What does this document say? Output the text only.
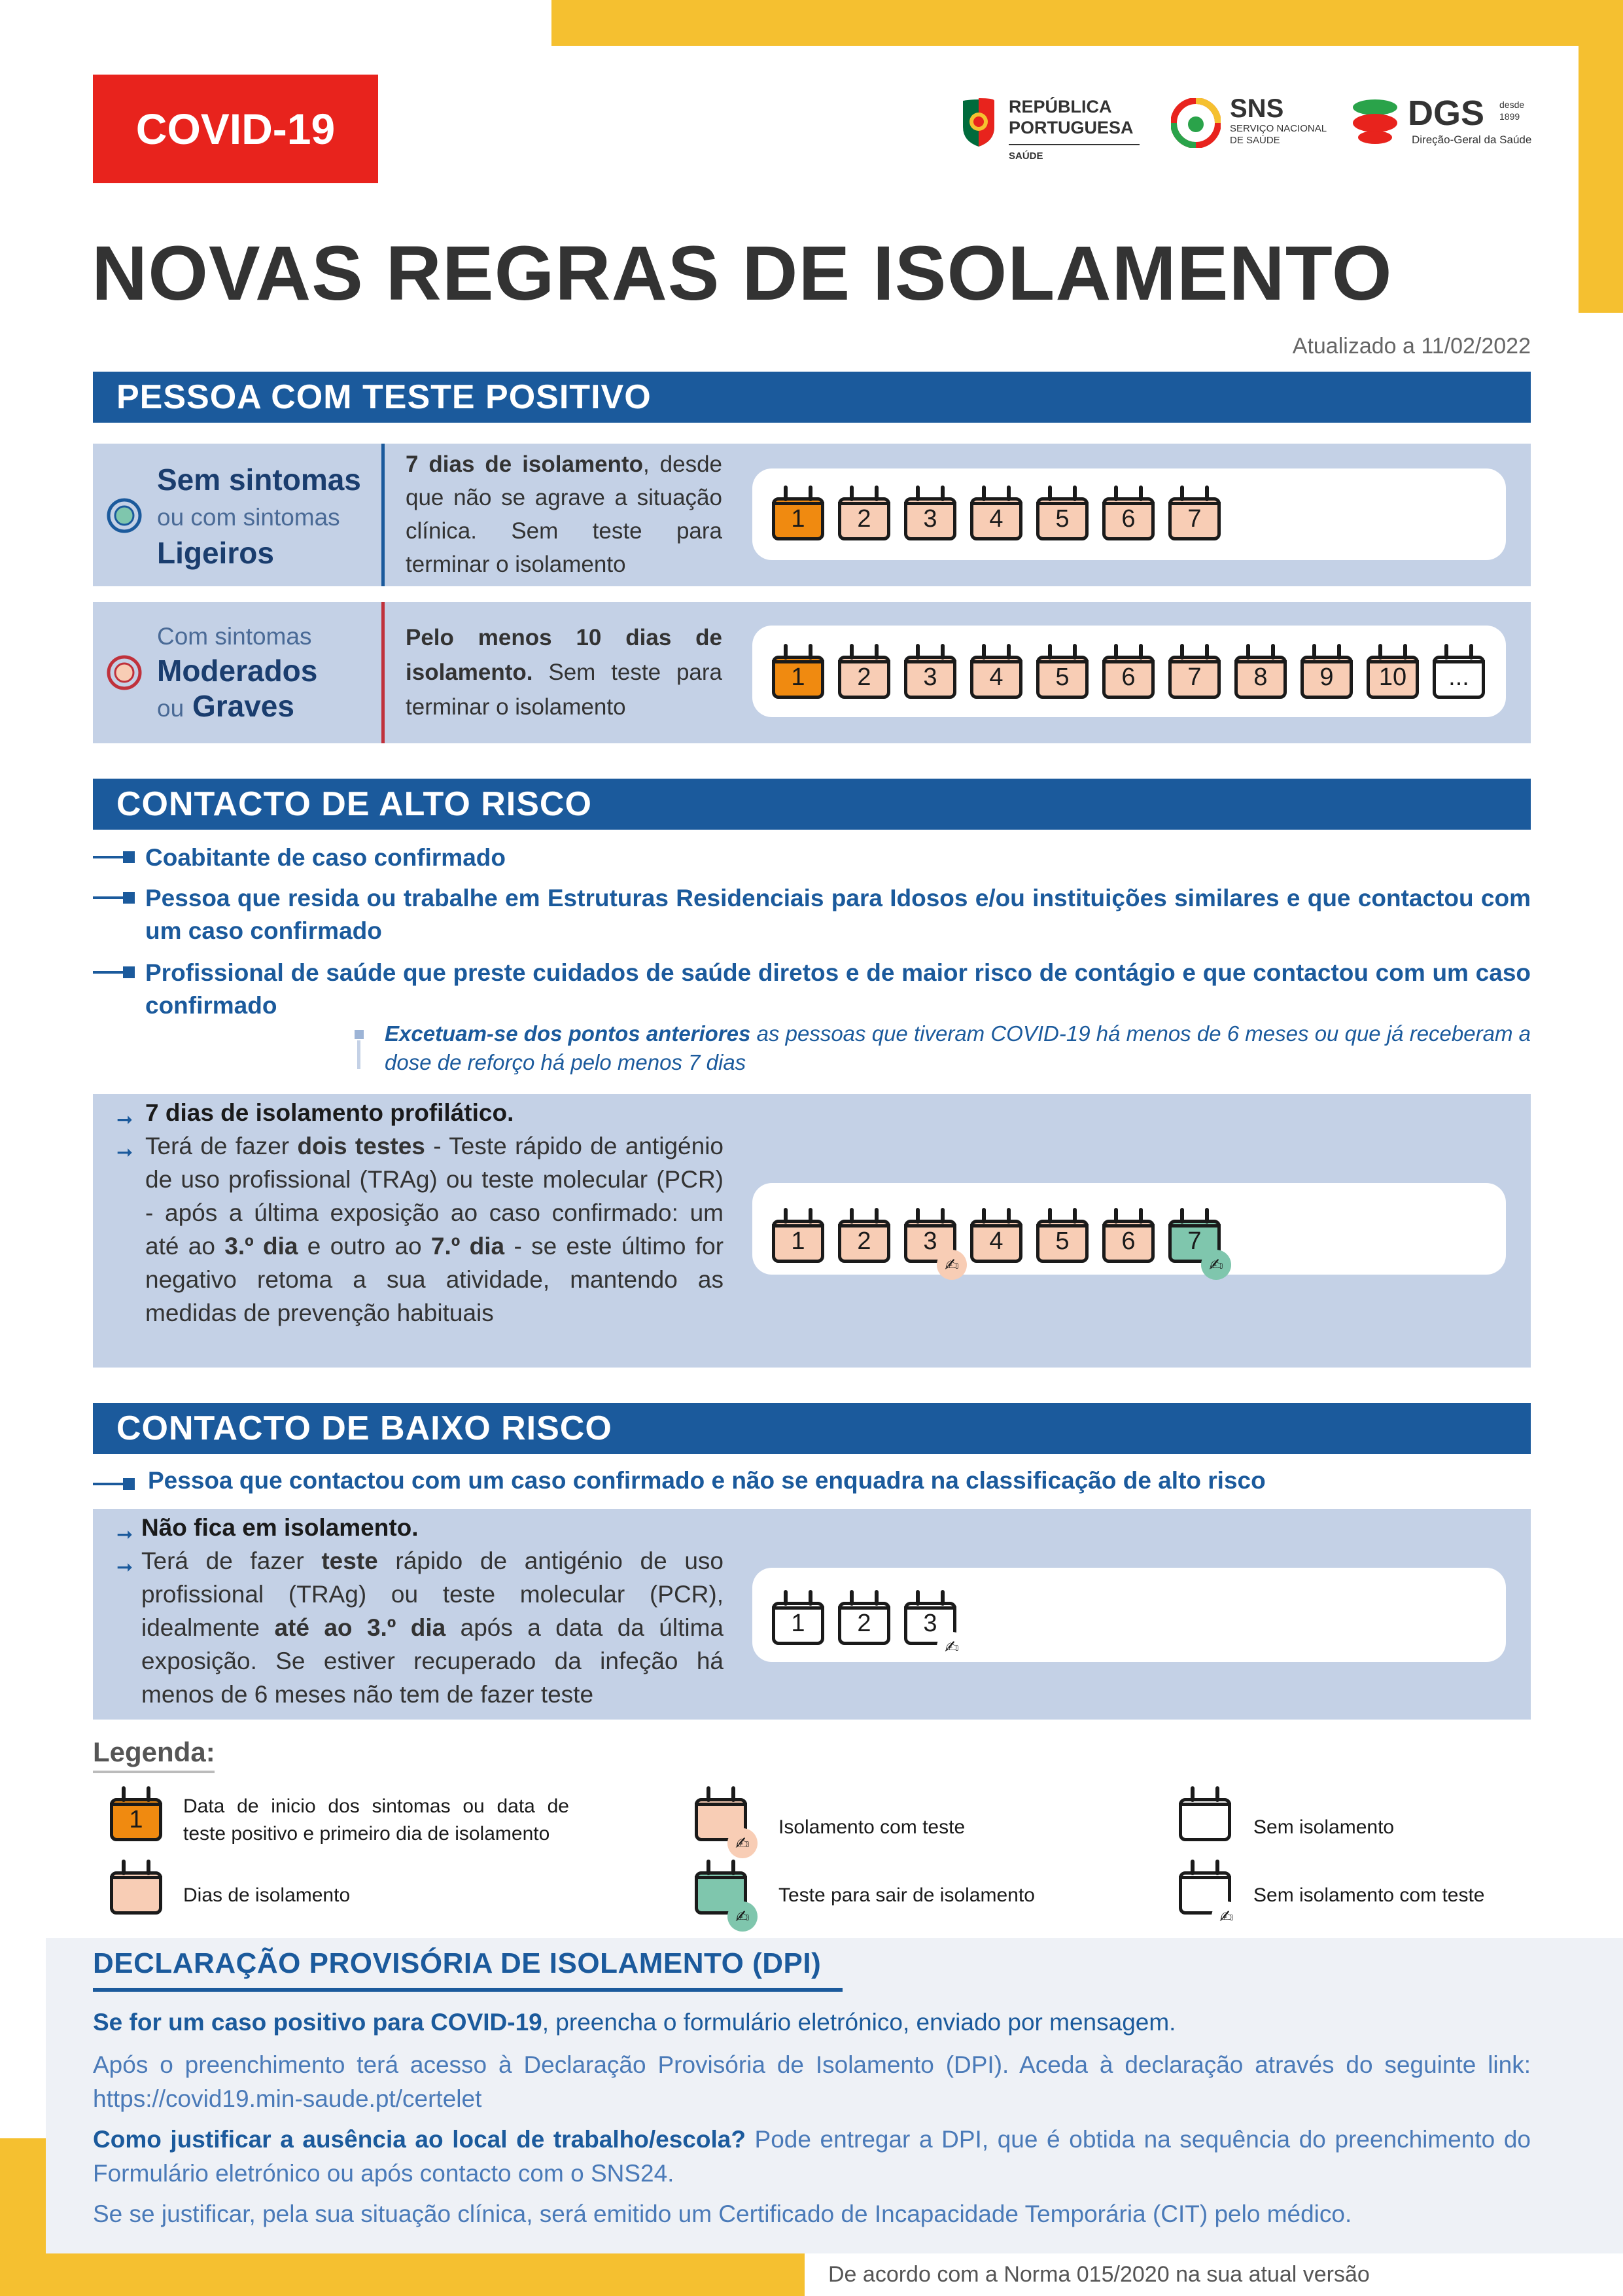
COVID-19	REPÚBLICA
PORTUGUESA
SAÚDE
SNS
SERVIÇO NACIONAL
DE SAÚDE
DGS desde
1899
Direção-Geral da Saúde
NOVAS REGRAS DE ISOLAMENTO
Atualizado a 11/02/2022
PESSOA COM TESTE POSITIVO
Sem sintomas
ou com sintomas
Ligeiros
7 dias de isolamento, desde que não se agrave a situação clínica. Sem teste para terminar o isolamento
1	2	3	4	5	6	7
Com sintomas
Moderados
ou Graves
Pelo menos 10 dias de isolamento. Sem teste para terminar o isolamento
1	2	3	4	5	6	7	8	9	10	...
CONTACTO DE ALTO RISCO
Coabitante de caso confirmado
Pessoa que resida ou trabalhe em Estruturas Residenciais para Idosos e/ou instituições similares e que contactou com um caso confirmado
Profissional de saúde que preste cuidados de saúde diretos e de maior risco de contágio e que contactou com um caso confirmado
Excetuam-se dos pontos anteriores as pessoas que tiveram COVID-19 há menos de 6 meses ou que já receberam a dose de reforço há pelo menos 7 dias
➞ 7 dias de isolamento profilático.
➞ Terá de fazer dois testes - Teste rápido de antigénio de uso profissional (TRAg) ou teste molecular (PCR) - após a última exposição ao caso confirmado: um até ao 3.º dia e outro ao 7.º dia - se este último for negativo retoma a sua atividade, mantendo as medidas de prevenção habituais
1	2	3
✍
4	5	6	7
✍
CONTACTO DE BAIXO RISCO
Pessoa que contactou com um caso confirmado e não se enquadra na classificação de alto risco
➞ Não fica em isolamento.
➞ Terá de fazer teste rápido de antigénio de uso profissional (TRAg) ou teste molecular (PCR), idealmente até ao 3.º dia após a data da última exposição. Se estiver recuperado da infeção há menos de 6 meses não tem de fazer teste
1	2	3
✍
Legenda:
1
✍
✍	✍
Data de inicio dos sintomas ou data de teste positivo e primeiro dia de isolamento
Dias de isolamento
Isolamento com teste
Teste para sair de isolamento
Sem isolamento
Sem isolamento com teste
DECLARAÇÃO PROVISÓRIA DE ISOLAMENTO (DPI)
Se for um caso positivo para COVID-19, preencha o formulário eletrónico, enviado por mensagem.
Após o preenchimento terá acesso à Declaração Provisória de Isolamento (DPI). Aceda à declaração através do seguinte link: https://covid19.min-saude.pt/certelet
Como justificar a ausência ao local de trabalho/escola? Pode entregar a DPI, que é obtida na sequência do preenchimento do Formulário eletrónico ou após contacto com o SNS24.
Se se justificar, pela sua situação clínica, será emitido um Certificado de Incapacidade Temporária (CIT) pelo médico.
De acordo com a Norma 015/2020 na sua atual versão
